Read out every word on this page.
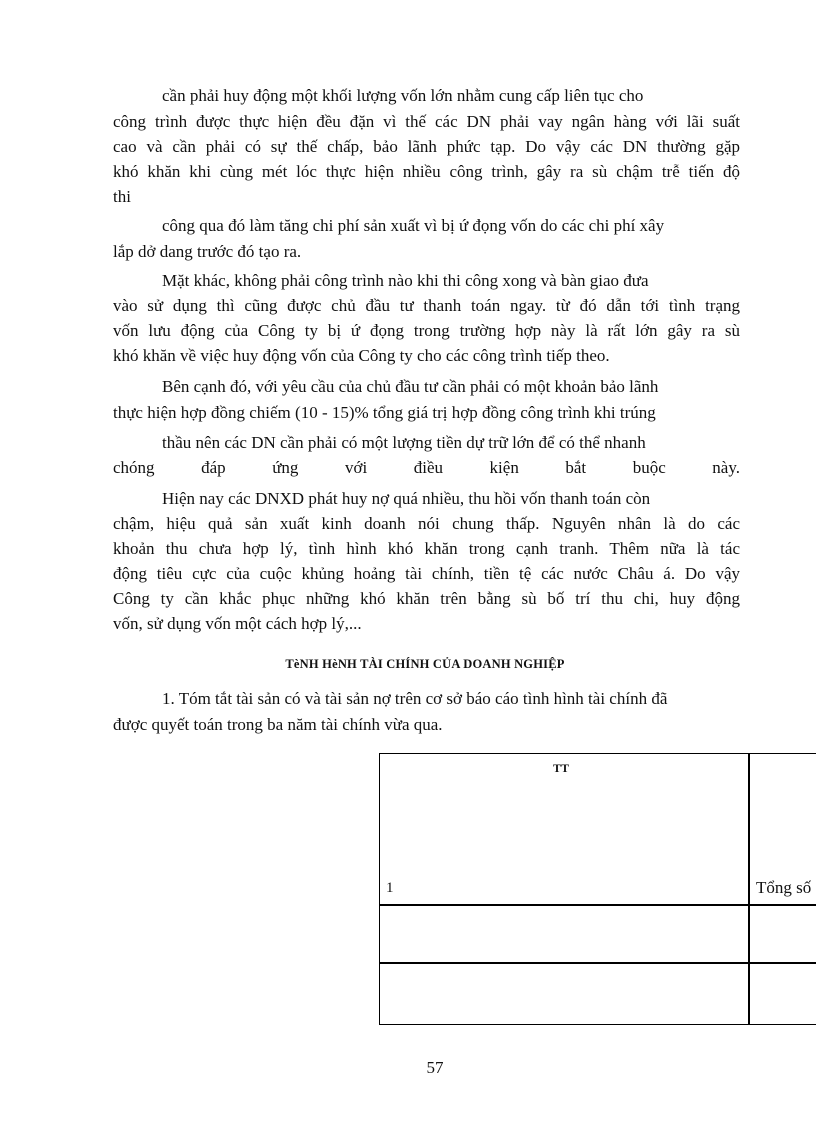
cần phải huy động một khối lượng vốn lớn nhằm cung cấp liên tục cho
công trình được thực hiện đều đặn vì thế các DN phải vay ngân hàng với lãi suất
cao và cần phải có sự thế chấp, bảo lãnh phức tạp. Do vậy các DN thường gặp
khó khăn khi cùng mét lóc thực hiện nhiều công trình, gây ra sù chậm trễ tiến độ
thi
công qua đó làm tăng chi phí sản xuất vì bị ứ đọng vốn do các chi phí xây
lắp dở dang trước đó tạo ra.
Mặt khác, không phải công trình nào khi thi công xong và bàn giao đưa
vào sử dụng thì cũng được chủ đầu tư thanh toán ngay. từ đó dẫn tới tình trạng
vốn lưu động của Công ty bị ứ đọng trong trường hợp này là rất lớn gây ra sù
khó khăn về việc huy động vốn của Công ty cho các công trình tiếp theo.
Bên cạnh đó, với yêu cầu của chủ đầu tư cần phải có một khoản bảo lãnh
thực hiện hợp đồng chiếm (10 - 15)% tổng giá trị hợp đồng công trình khi trúng
thầu nên các DN cần phải có một lượng tiền dự trữ lớn để có thể nhanh
chóng đáp ứng với điều kiện bắt buộc này.
Hiện nay các DNXD phát huy nợ quá nhiều, thu hồi vốn thanh toán còn
chậm, hiệu quả sản xuất kinh doanh nói chung thấp. Nguyên nhân là do các
khoản thu chưa hợp lý, tình hình khó khăn trong cạnh tranh. Thêm nữa là tác
động tiêu cực của cuộc khủng hoảng tài chính, tiền tệ các nước Châu á. Do vậy
Công ty cần khắc phục những khó khăn trên bằng sù bố trí thu chi, huy động
vốn, sử dụng vốn một cách hợp lý,...
TèNH HèNH TÀI CHÍNH CỦA DOANH NGHIỆP
1. Tóm tắt tài sản có và tài sản nợ trên cơ sở báo cáo tình hình tài chính đã
được quyết toán trong ba năm tài chính vừa qua.
TT
1	Tổng số
57
